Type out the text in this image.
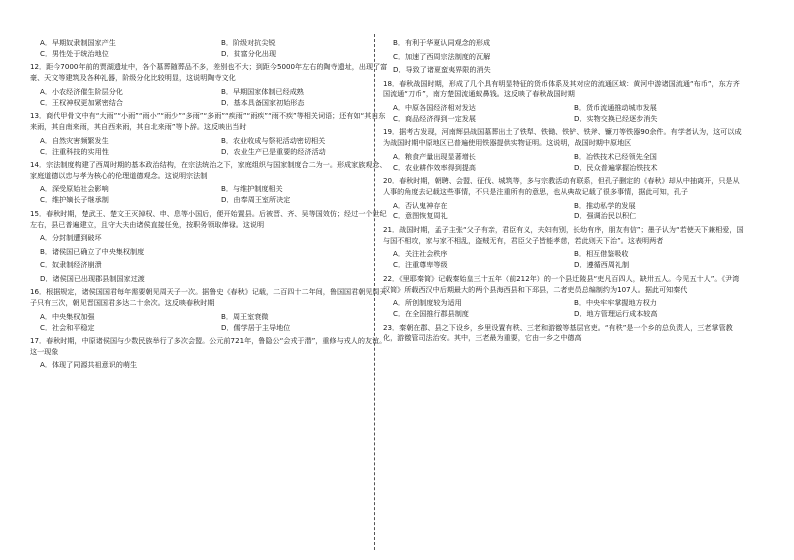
A．早期奴隶制国家产生	B．阶级对抗尖锐
C．男性处于统治地位	D．贫富分化出现

12．距今7000年前的贾湖遗址中，各个墓葬随葬品不多，差别也不大；到距今5000年左右的陶寺遗址，出现了富豪、天文等建筑及各种礼器，阶级分化比较明显，这说明陶寺文化

A．小农经济催生阶层分化	B．早期国家体制已经成熟
C．王权神权更加紧密结合	D．基本具备国家初始形态

13．商代甲骨文中有“大雨”“小雨”“雨小”“雨少”“多雨”“多雨”“疾雨”“雨疾”“雨不疾”等相关词语；还有如“其自东来雨，其自南来雨，其自西来雨，其自北来雨”等卜辞。这反映出当时

A．自然灾害频繁发生	B．农业收成与祭祀活动密切相关
C．注重科技的实用性	D．农业生产已是重要的经济活动

14．宗法制度构建了西周时期的基本政治结构，在宗法统治之下，家庭组织与国家制度合二为一。形成家族观念、家庭道德以忠与孝为核心的伦理道德观念。这说明宗法制

A．深受原始社会影响	B．与维护制度相关
C．维护嫡长子继承制	D．由奉周王室所决定

15．春秋时期，楚武王、楚文王灭掉权、申、息等小国后，便开始置县。后被晋、齐、吴等国效仿；经过一个世纪左右，县已普遍建立，且守大夫由诸侯直接任免，按职务领取俸禄。这说明

A．分封制遭到破坏
B．诸侯国已确立了中央集权制度
C．奴隶制经济崩溃
D．诸侯国已出现郡县制国家过渡

16．根据规定，诸侯国国君每年需要朝见周天子一次。据鲁史《春秋》记载，二百四十二年间，鲁国国君朝见周天子只有三次，朝见晋国国君多达二十余次。这反映春秋时期

A．中央集权加强	B．周王室衰微
C．社会和平稳定	D．儒学居于主导地位

17．春秋时期，中原诸侯国与少数民族举行了多次会盟。公元前721年，鲁隐公“会戎于潜”，重修与戎人的友谊。这一现象

A．体现了同源共祖意识的萌生
B．有利于华夏认同观念的形成
C．加速了西周宗法制度的瓦解
D．导致了诸夏蛮夷界限的消失

18．春秋战国时期，形成了几个具有明显特征的货币体系及其对应的流通区域：黄河中游诸国流通“布币”，东方齐国流通“刀币”，南方楚国流通蚁鼻钱。这反映了春秋战国时期

A．中原各国经济相对发达	B．货币流通推动城市发展
C．商品经济得到一定发展	D．实物交换已经逐步消失

19．据考古发现，河南辉县战国墓葬出土了铁犁、铁锄、铁铲、铁斧、镰刀等铁器90余件。有学者认为，这可以成为战国时期中原地区已普遍使用铁器提供实物证明。这说明，战国时期中原地区

A．粮食产量出现显著增长	B．冶铁技术已经领先全国
C．农业耕作效率得到提高	D．民众普遍掌握冶铁技术

20．春秋时期，朝聘、会盟、征伐、城筑等，多与宗教活动有联系，但孔子删定的《春秋》却从中抽离开，只是从人事的角度去记载这些事情，不只是注重所有的意思，也从典故记载了很多事情，据此可知，孔子

A．否认鬼神存在	B．推动私学的发展
C．意图恢复周礼	D．强调治民以积仁

21．战国时期，孟子主张“父子有亲，君臣有义，夫妇有别，长幼有序，朋友有信”；墨子认为“若使天下兼相爱，国与国不相攻，家与家不相乱，盗贼无有，君臣父子皆能孝慈，若此则天下治”。这表明两者

A．关注社会秩序	B．相互借鉴吸收
C．注重尊卑等级	D．遵循西周礼制

22．《里耶秦简》记载秦始皇三十五年（前212年）的一个县迁陵县“吏凡百四人，缺卅五人。今见五十人”。《尹湾汉简》所载西汉中后期最大的两个县海西县和下邳县，二者吏员总编制约为107人。据此可知秦代

A．所创制度较为适用	B．中央牢牢掌握地方权力
C．在全国推行郡县制度	D．地方管理运行成本较高

23．秦朝在郡、县之下设乡，乡里设置有秩、三老和游徼等基层官吏。“有秩”是一个乡的总负责人，三老掌管教化，游徼管司法治安。其中，三老最为重要，它由一乡之中德高
